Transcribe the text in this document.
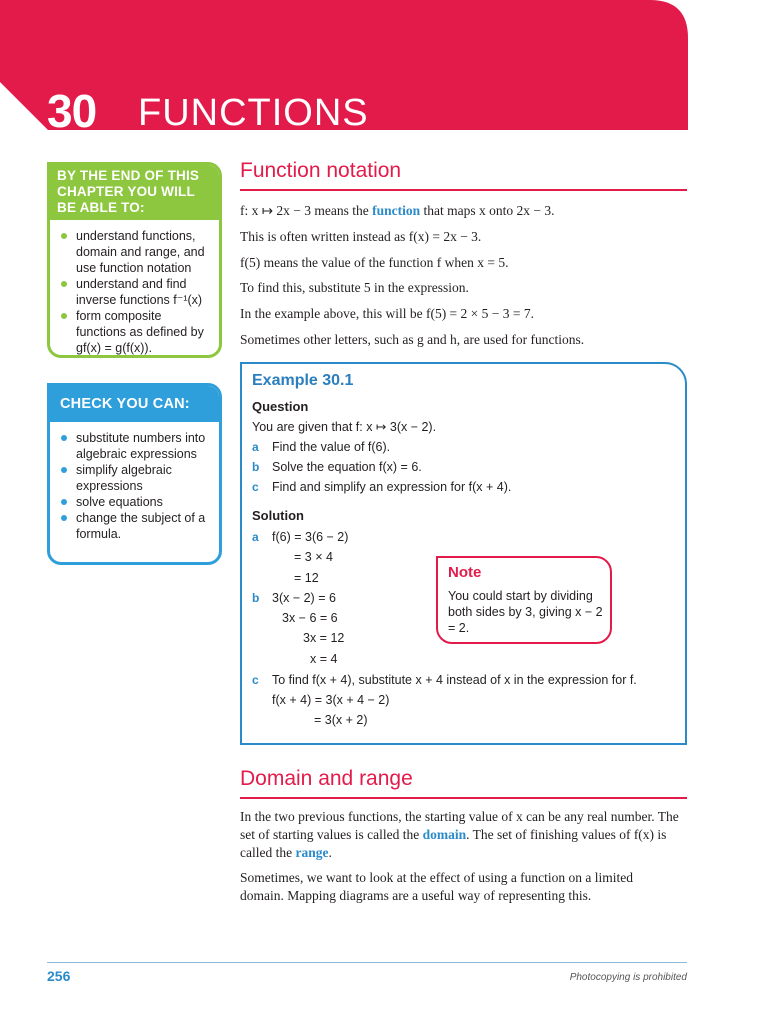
30 FUNCTIONS
BY THE END OF THIS CHAPTER YOU WILL BE ABLE TO:
understand functions, domain and range, and use function notation
understand and find inverse functions f⁻¹(x)
form composite functions as defined by gf(x) = g(f(x)).
CHECK YOU CAN:
substitute numbers into algebraic expressions
simplify algebraic expressions
solve equations
change the subject of a formula.
Function notation
f: x ↦ 2x − 3 means the function that maps x onto 2x − 3.
This is often written instead as f(x) = 2x − 3.
f(5) means the value of the function f when x = 5.
To find this, substitute 5 in the expression.
In the example above, this will be f(5) = 2 × 5 − 3 = 7.
Sometimes other letters, such as g and h, are used for functions.
Example 30.1
Question
You are given that f: x ↦ 3(x − 2).
a Find the value of f(6).
b Solve the equation f(x) = 6.
c Find and simplify an expression for f(x + 4).
Solution
a f(6) = 3(6 − 2)
= 3 × 4
= 12
b 3(x − 2) = 6
3x − 6 = 6
3x = 12
x = 4
c To find f(x + 4), substitute x + 4 instead of x in the expression for f.
f(x + 4) = 3(x + 4 − 2)
= 3(x + 2)
Note
You could start by dividing both sides by 3, giving x − 2 = 2.
Domain and range
In the two previous functions, the starting value of x can be any real number. The set of starting values is called the domain. The set of finishing values of f(x) is called the range.
Sometimes, we want to look at the effect of using a function on a limited domain. Mapping diagrams are a useful way of representing this.
256	Photocopying is prohibited
